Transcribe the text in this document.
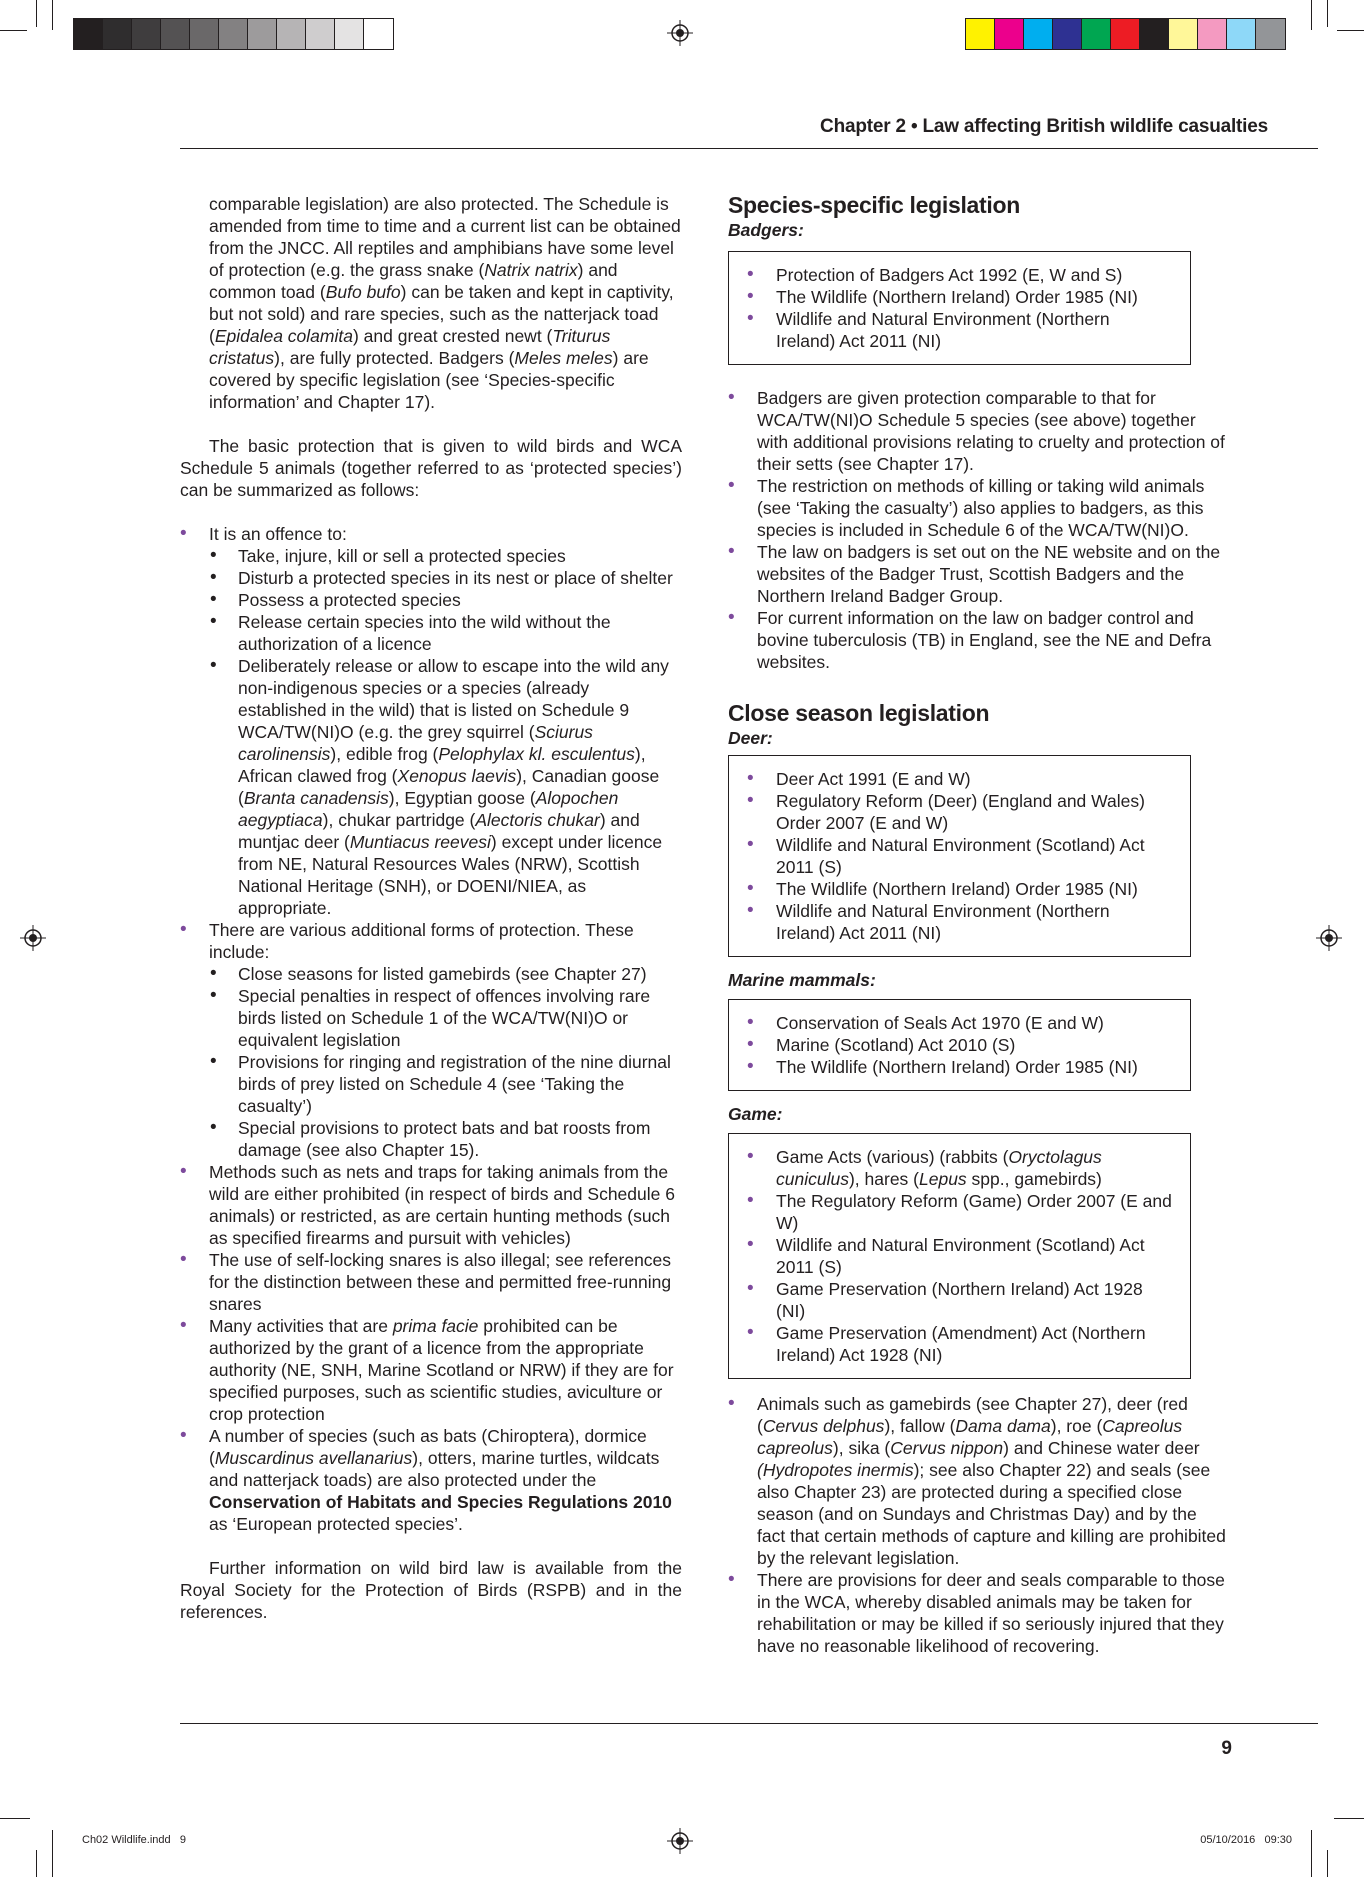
Ch02 Wildlife.indd   9	05/10/2016   09:30
Chapter 2 • Law affecting British wildlife casualties

comparable legislation) are also protected. The Schedule is amended from time to time and a current list can be obtained from the JNCC. All reptiles and amphibians have some level of protection (e.g. the grass snake (Natrix natrix) and common toad (Bufo bufo) can be taken and kept in captivity, but not sold) and rare species, such as the natterjack toad (Epidalea colamita) and great crested newt (Triturus cristatus), are fully protected. Badgers (Meles meles) are covered by specific legislation (see ‘Species-specific information’ and Chapter 17).

The basic protection that is given to wild birds and WCA Schedule 5 animals (together referred to as ‘protected species’) can be summarized as follows:

• It is an offence to:
• Take, injure, kill or sell a protected species
• Disturb a protected species in its nest or place of shelter
• Possess a protected species
• Release certain species into the wild without the authorization of a licence
• Deliberately release or allow to escape into the wild any non-indigenous species or a species (already established in the wild) that is listed on Schedule 9 WCA/TW(NI)O (e.g. the grey squirrel (Sciurus carolinensis), edible frog (Pelophylax kl. esculentus), African clawed frog (Xenopus laevis), Canadian goose (Branta canadensis), Egyptian goose (Alopochen aegyptiaca), chukar partridge (Alectoris chukar) and muntjac deer (Muntiacus reevesi) except under licence from NE, Natural Resources Wales (NRW), Scottish National Heritage (SNH), or DOENI/NIEA, as appropriate.
• There are various additional forms of protection. These include:
• Close seasons for listed gamebirds (see Chapter 27)
• Special penalties in respect of offences involving rare birds listed on Schedule 1 of the WCA/TW(NI)O or equivalent legislation
• Provisions for ringing and registration of the nine diurnal birds of prey listed on Schedule 4 (see ‘Taking the casualty’)
• Special provisions to protect bats and bat roosts from damage (see also Chapter 15).
• Methods such as nets and traps for taking animals from the wild are either prohibited (in respect of birds and Schedule 6 animals) or restricted, as are certain hunting methods (such as specified firearms and pursuit with vehicles)
• The use of self-locking snares is also illegal; see references for the distinction between these and permitted free-running snares
• Many activities that are prima facie prohibited can be authorized by the grant of a licence from the appropriate authority (NE, SNH, Marine Scotland or NRW) if they are for specified purposes, such as scientific studies, aviculture or crop protection
• A number of species (such as bats (Chiroptera), dormice (Muscardinus avellanarius), otters, marine turtles, wildcats and natterjack toads) are also protected under the Conservation of Habitats and Species Regulations 2010 as ‘European protected species’.

Further information on wild bird law is available from the Royal Society for the Protection of Birds (RSPB) and in the references.

Species-specific legislation
Badgers:
• Protection of Badgers Act 1992 (E, W and S)
• The Wildlife (Northern Ireland) Order 1985 (NI)
• Wildlife and Natural Environment (Northern Ireland) Act 2011 (NI)
• Badgers are given protection comparable to that for WCA/TW(NI)O Schedule 5 species (see above) together with additional provisions relating to cruelty and protection of their setts (see Chapter 17).
• The restriction on methods of killing or taking wild animals (see ‘Taking the casualty’) also applies to badgers, as this species is included in Schedule 6 of the WCA/TW(NI)O.
• The law on badgers is set out on the NE website and on the websites of the Badger Trust, Scottish Badgers and the Northern Ireland Badger Group.
• For current information on the law on badger control and bovine tuberculosis (TB) in England, see the NE and Defra websites.
Close season legislation
Deer:
• Deer Act 1991 (E and W)
• Regulatory Reform (Deer) (England and Wales) Order 2007 (E and W)
• Wildlife and Natural Environment (Scotland) Act 2011 (S)
• The Wildlife (Northern Ireland) Order 1985 (NI)
• Wildlife and Natural Environment (Northern Ireland) Act 2011 (NI)
Marine mammals:
• Conservation of Seals Act 1970 (E and W)
• Marine (Scotland) Act 2010 (S)
• The Wildlife (Northern Ireland) Order 1985 (NI)
Game:
• Game Acts (various) (rabbits (Oryctolagus cuniculus), hares (Lepus spp., gamebirds)
• The Regulatory Reform (Game) Order 2007 (E and W)
• Wildlife and Natural Environment (Scotland) Act 2011 (S)
• Game Preservation (Northern Ireland) Act 1928 (NI)
• Game Preservation (Amendment) Act (Northern Ireland) Act 1928 (NI)
• Animals such as gamebirds (see Chapter 27), deer (red (Cervus delphus), fallow (Dama dama), roe (Capreolus capreolus), sika (Cervus nippon) and Chinese water deer (Hydropotes inermis); see also Chapter 22) and seals (see also Chapter 23) are protected during a specified close season (and on Sundays and Christmas Day) and by the fact that certain methods of capture and killing are prohibited by the relevant legislation.
• There are provisions for deer and seals comparable to those in the WCA, whereby disabled animals may be taken for rehabilitation or may be killed if so seriously injured that they have no reasonable likelihood of recovering.
9
